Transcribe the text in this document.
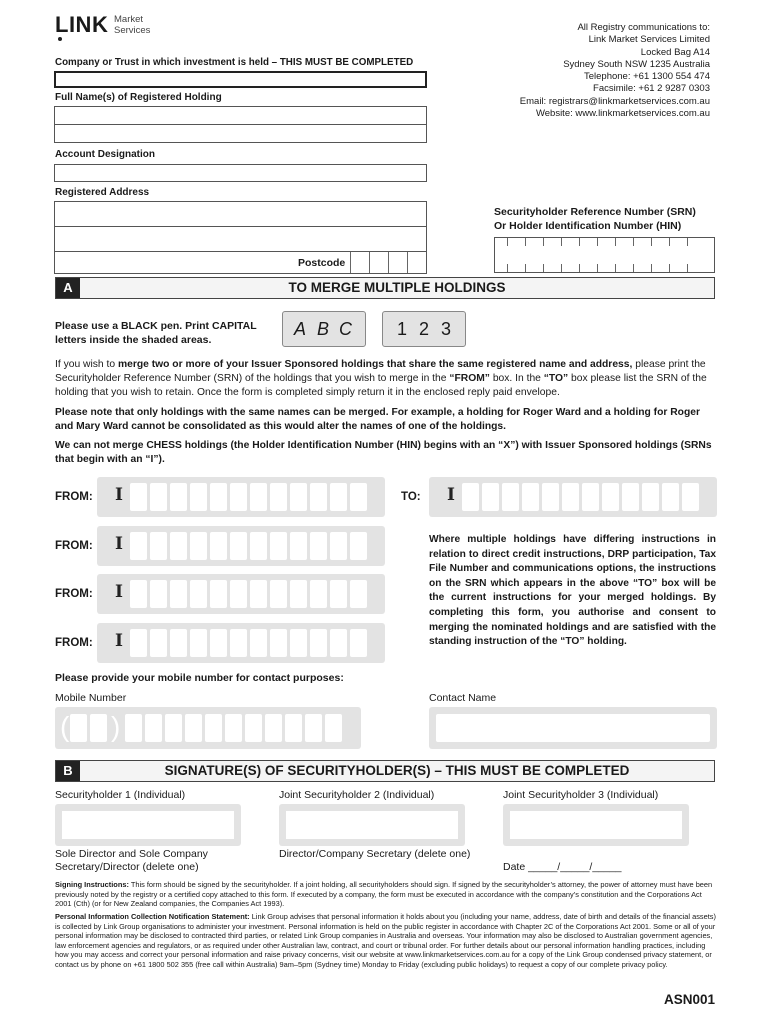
LINK Market
Services	All Registry communications to:
Link Market Services Limited
Locked Bag A14
Sydney South NSW 1235 Australia
Telephone: +61 1300 554 474
Facsimile: +61 2 9287 0303
Email: registrars@linkmarketservices.com.au
Website: www.linkmarketservices.com.au
Company or Trust in which investment is held – THIS MUST BE COMPLETED
Full Name(s) of Registered Holding
Account Designation
Registered Address
Postcode
Securityholder Reference Number (SRN)
Or Holder Identification Number (HIN)
A	TO MERGE MULTIPLE HOLDINGS
Please use a BLACK pen. Print CAPITAL
letters inside the shaded areas.
A B C	1 2 3
If you wish to merge two or more of your Issuer Sponsored holdings that share the same registered name and address, please print the Securityholder Reference Number (SRN) of the holdings that you wish to merge in the “FROM” box. In the “TO” box please list the SRN of the holding that you wish to retain. Once the form is completed simply return it in the enclosed reply paid envelope.
Please note that only holdings with the same names can be merged. For example, a holding for Roger Ward and a holding for Roger and Mary Ward cannot be consolidated as this would alter the names of one of the holdings.
We can not merge CHESS holdings (the Holder Identification Number (HIN) begins with an “X”) with Issuer Sponsored holdings (SRNs that begin with an “I”).
FROM: I	TO: I
FROM: I
FROM: I
FROM: I
Where multiple holdings have differing instructions in relation to direct credit instructions, DRP participation, Tax File Number and communications options, the instructions on the SRN which appears in the above “TO” box will be the current instructions for your merged holdings. By completing this form, you authorise and consent to merging the nominated holdings and are satisfied with the standing instruction of the “TO” holding.
Please provide your mobile number for contact purposes:
Mobile Number	Contact Name
( )
B	SIGNATURE(S) OF SECURITYHOLDER(S) – THIS MUST BE COMPLETED
Securityholder 1 (Individual)	Joint Securityholder 2 (Individual)	Joint Securityholder 3 (Individual)
Sole Director and Sole Company
Secretary/Director (delete one)
Director/Company Secretary (delete one)
Date _____/_____/_____
Signing Instructions: This form should be signed by the securityholder. If a joint holding, all securityholders should sign. If signed by the securityholder’s attorney, the power of attorney must have been previously noted by the registry or a certified copy attached to this form. If executed by a company, the form must be executed in accordance with the company’s constitution and the Corporations Act 2001 (Cth) (or for New Zealand companies, the Companies Act 1993).
Personal Information Collection Notification Statement: Link Group advises that personal information it holds about you (including your name, address, date of birth and details of the financial assets) is collected by Link Group organisations to administer your investment. Personal information is held on the public register in accordance with Chapter 2C of the Corporations Act 2001. Some or all of your personal information may be disclosed to contracted third parties, or related Link Group companies in Australia and overseas. Your information may also be disclosed to Australian government agencies, law enforcement agencies and regulators, or as required under other Australian law, contract, and court or tribunal order. For further details about our personal information handling practices, including how you may access and correct your personal information and raise privacy concerns, visit our website at www.linkmarketservices.com.au for a copy of the Link Group condensed privacy statement, or contact us by phone on +61 1800 502 355 (free call within Australia) 9am–5pm (Sydney time) Monday to Friday (excluding public holidays) to request a copy of our complete privacy policy.
ASN001
